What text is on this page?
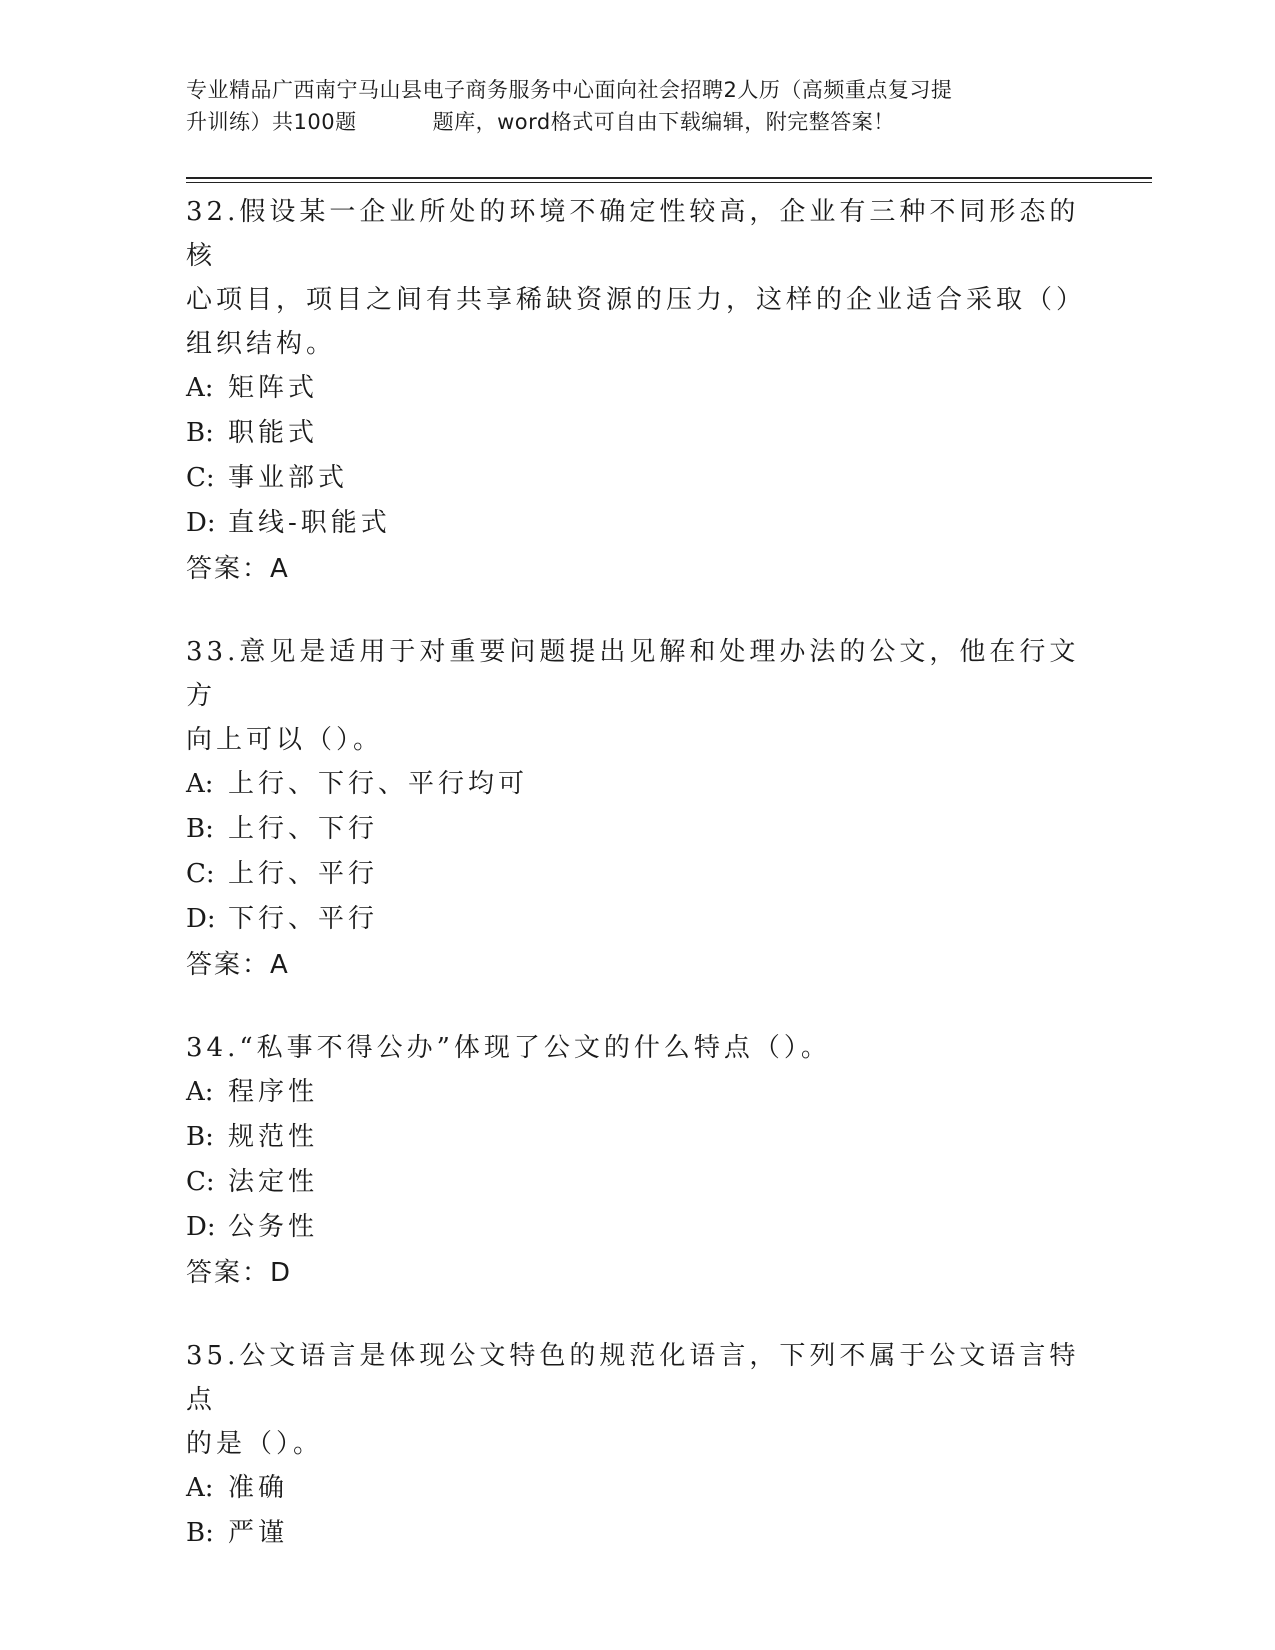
专业精品广西南宁马山县电子商务服务中心面向社会招聘2人历（高频重点复习提
升训练）共100题	题库，word格式可自由下载编辑，附完整答案！

32.假设某一企业所处的环境不确定性较高，企业有三种不同形态的核
心项目，项目之间有共享稀缺资源的压力，这样的企业适合采取（）
组织结构。

A: 矩阵式

B: 职能式

C: 事业部式

D: 直线-职能式

答案：A

33.意见是适用于对重要问题提出见解和处理办法的公文，他在行文方
向上可以（）。

A: 上行、下行、平行均可

B: 上行、下行

C: 上行、平行

D: 下行、平行

答案：A

34.“私事不得公办”体现了公文的什么特点（）。

A: 程序性

B: 规范性

C: 法定性

D: 公务性

答案：D

35.公文语言是体现公文特色的规范化语言，下列不属于公文语言特点
的是（）。

A: 准确

B: 严谨
